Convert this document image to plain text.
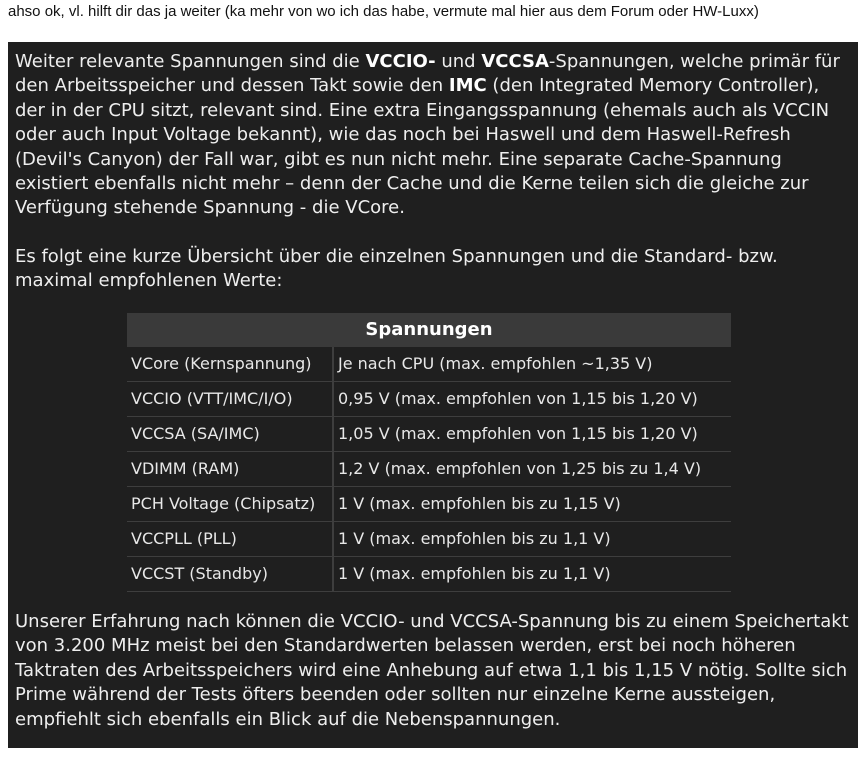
ahso ok, vl. hilft dir das ja weiter (ka mehr von wo ich das habe, vermute mal hier aus dem Forum oder HW-Luxx)

Weiter relevante Spannungen sind die VCCIO- und VCCSA-Spannungen, welche primär für den Arbeitsspeicher und dessen Takt sowie den IMC (den Integrated Memory Controller), der in der CPU sitzt, relevant sind. Eine extra Eingangsspannung (ehemals auch als VCCIN oder auch Input Voltage bekannt), wie das noch bei Haswell und dem Haswell-Refresh (Devil's Canyon) der Fall war, gibt es nun nicht mehr. Eine separate Cache-Spannung existiert ebenfalls nicht mehr – denn der Cache und die Kerne teilen sich die gleiche zur Verfügung stehende Spannung - die VCore.

Es folgt eine kurze Übersicht über die einzelnen Spannungen und die Standard- bzw. maximal empfohlenen Werte:

Spannungen	
VCore (Kernspannung)	Je nach CPU (max. empfohlen ~1,35 V)
VCCIO (VTT/IMC/I/O)	0,95 V (max. empfohlen von 1,15 bis 1,20 V)
VCCSA (SA/IMC)	1,05 V (max. empfohlen von 1,15 bis 1,20 V)
VDIMM (RAM)	1,2 V (max. empfohlen von 1,25 bis zu 1,4 V)
PCH Voltage (Chipsatz)	1 V (max. empfohlen bis zu 1,15 V)
VCCPLL (PLL)	1 V (max. empfohlen bis zu 1,1 V)
VCCST (Standby)	1 V (max. empfohlen bis zu 1,1 V)

Unserer Erfahrung nach können die VCCIO- und VCCSA-Spannung bis zu einem Speichertakt von 3.200 MHz meist bei den Standardwerten belassen werden, erst bei noch höheren Taktraten des Arbeitsspeichers wird eine Anhebung auf etwa 1,1 bis 1,15 V nötig. Sollte sich Prime während der Tests öfters beenden oder sollten nur einzelne Kerne aussteigen, empfiehlt sich ebenfalls ein Blick auf die Nebenspannungen.
